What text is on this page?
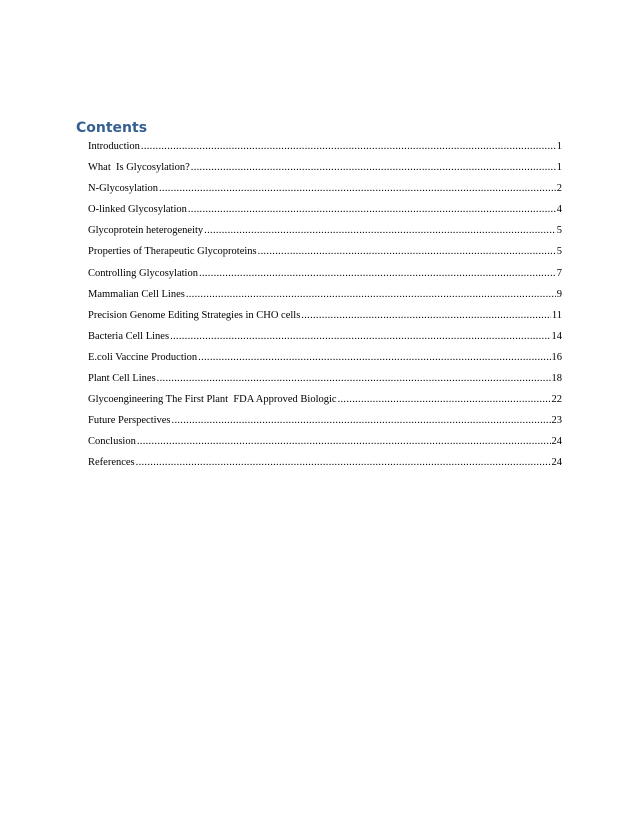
Contents
Introduction .....	1
What  Is Glycosylation? .....	1
N-Glycosylation .....	2
O-linked Glycosylation .....	4
Glycoprotein heterogeneity .....	5
Properties of Therapeutic Glycoproteins .....	5
Controlling Glycosylation .....	7
Mammalian Cell Lines .....	9
Precision Genome Editing Strategies in CHO cells .....	11
Bacteria Cell Lines .....	14
E.coli Vaccine Production .....	16
Plant Cell Lines .....	18
Glycoengineering The First Plant  FDA Approved Biologic .....	22
Future Perspectives .....	23
Conclusion .....	24
References .....	24
